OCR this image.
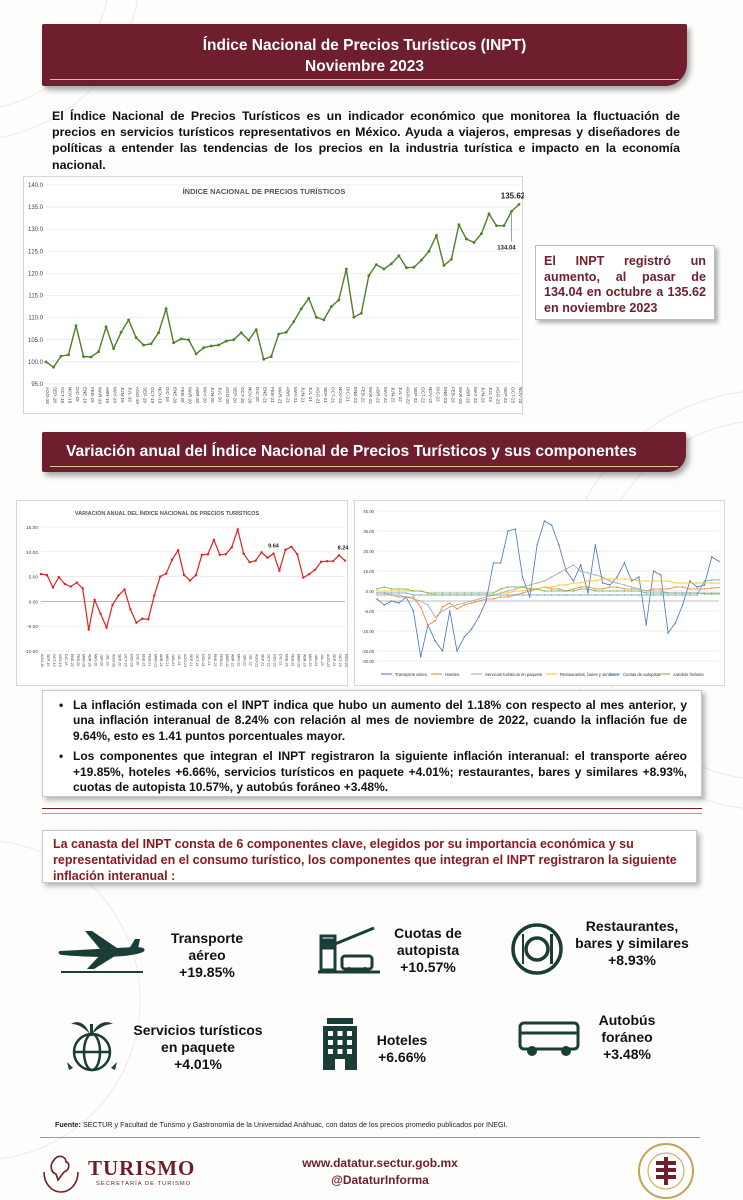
Índice Nacional de Precios Turísticos (INPT)
Noviembre 2023

El Índice Nacional de Precios Turísticos es un indicador económico que monitorea la fluctuación de precios en servicios turísticos representativos en México. Ayuda a viajeros, empresas y diseñadores de políticas a entender las tendencias de los precios en la industria turística e impacto en la economía nacional.

140.0
135.0
130.0
125.0
120.0
115.0
110.0
105.0
100.0
95.0
AGO-18 SEP-18 OCT-18 NOV-18 DIC-18 ENE-19 FEB-19 MAR-19 ABR-19 MAY-19 JUN-19 JUL-19 AGO-19 SEP-19 OCT-19 NOV-19 DIC-19 ENE-20 FEB-20 MAR-20 ABR-20 MAY-20 JUN-20 JUL-20 AGO-20 SEP-20 OCT-20 NOV-20 DIC-20 ENE-21 FEB-21 MAR-21 ABR-21 MAY-21 JUN-21 JUL-21 AGO-21 SEP-21 OCT-21 NOV-21 DIC-21 ENE-22 FEB-22 MAR-22 ABR-22 MAY-22 JUN-22 JUL-22 AGO-22 SEP-22 OCT-22 NOV-22 DIC-22 ENE-23 FEB-23 MAR-23 ABR-23 MAY-23 JUN-23 JUL-23 AGO-23 SEP-23 OCT-23 NOV-23
ÍNDICE NACIONAL DE PRECIOS TURÍSTICOS	135.62
134.04
El INPT registró un aumento, al pasar de 134.04 en octubre a 135.62 en noviembre 2023
Variación anual del Índice Nacional de Precios Turísticos y sus componentes
15.00
10.00
5.00
0.00
-5.00
-10.00
AGO-19 SEP-19 OCT-19 NOV-19 DIC-19 ENE-20 FEB-20 MAR-20 ABR-20 MAY-20 JUN-20 JUL-20 AGO-20 SEP-20 OCT-20 NOV-20 DIC-20 ENE-21 FEB-21 MAR-21 ABR-21 MAY-21 JUN-21 JUL-21 AGO-21 SEP-21 OCT-21 NOV-21 DIC-21 ENE-22 FEB-22 MAR-22 ABR-22 MAY-22 JUN-22 JUL-22 AGO-22 SEP-22 OCT-22 NOV-22 DIC-22 ENE-23 FEB-23 MAR-23 ABR-23 MAY-23 JUN-23 JUL-23 AGO-23 SEP-23 OCT-23 NOV-23
VARIACIÓN ANUAL DEL ÍNDICE NACIONAL DE PRECIOS TURÍSTICOS
9.64	8.24
45.00
35.00
25.00
15.00
5.00
-5.00
-15.00
-25.00
-30.00
Transporte aéreo	Hoteles	Servicios turísticos en paquete	Restaurantes, bares y similares Cuotas de autopista	Autobús foráneo
• La inflación estimada con el INPT indica que hubo un aumento del 1.18% con respecto al mes anterior, y una inflación interanual de 8.24% con relación al mes de noviembre de 2022, cuando la inflación fue de 9.64%, esto es 1.41 puntos porcentuales mayor.
• Los componentes que integran el INPT registraron la siguiente inflación interanual: el transporte aéreo +19.85%, hoteles +6.66%, servicios turísticos en paquete +4.01%; restaurantes, bares y similares +8.93%, cuotas de autopista 10.57%, y autobús foráneo +3.48%.
La canasta del INPT consta de 6 componentes clave, elegidos por su importancia económica y su representatividad en el consumo turístico, los componentes que integran el INPT registraron la siguiente inflación interanual :
Transporte
aéreo
+19.85%
Cuotas de
autopista
+10.57%
Restaurantes,
bares y similares
+8.93%
Servicios turísticos
en paquete
+4.01%
Hoteles
+6.66%
Autobús
foráneo
+3.48%
Fuente: SECTUR y Facultad de Turismo y Gastronomía de la Universidad Anáhuac, con datos de los precios promedio publicados por INEGI.
TURISMO
SECRETARÍA DE TURISMO
www.datatur.sectur.gob.mx
@DataturInforma
